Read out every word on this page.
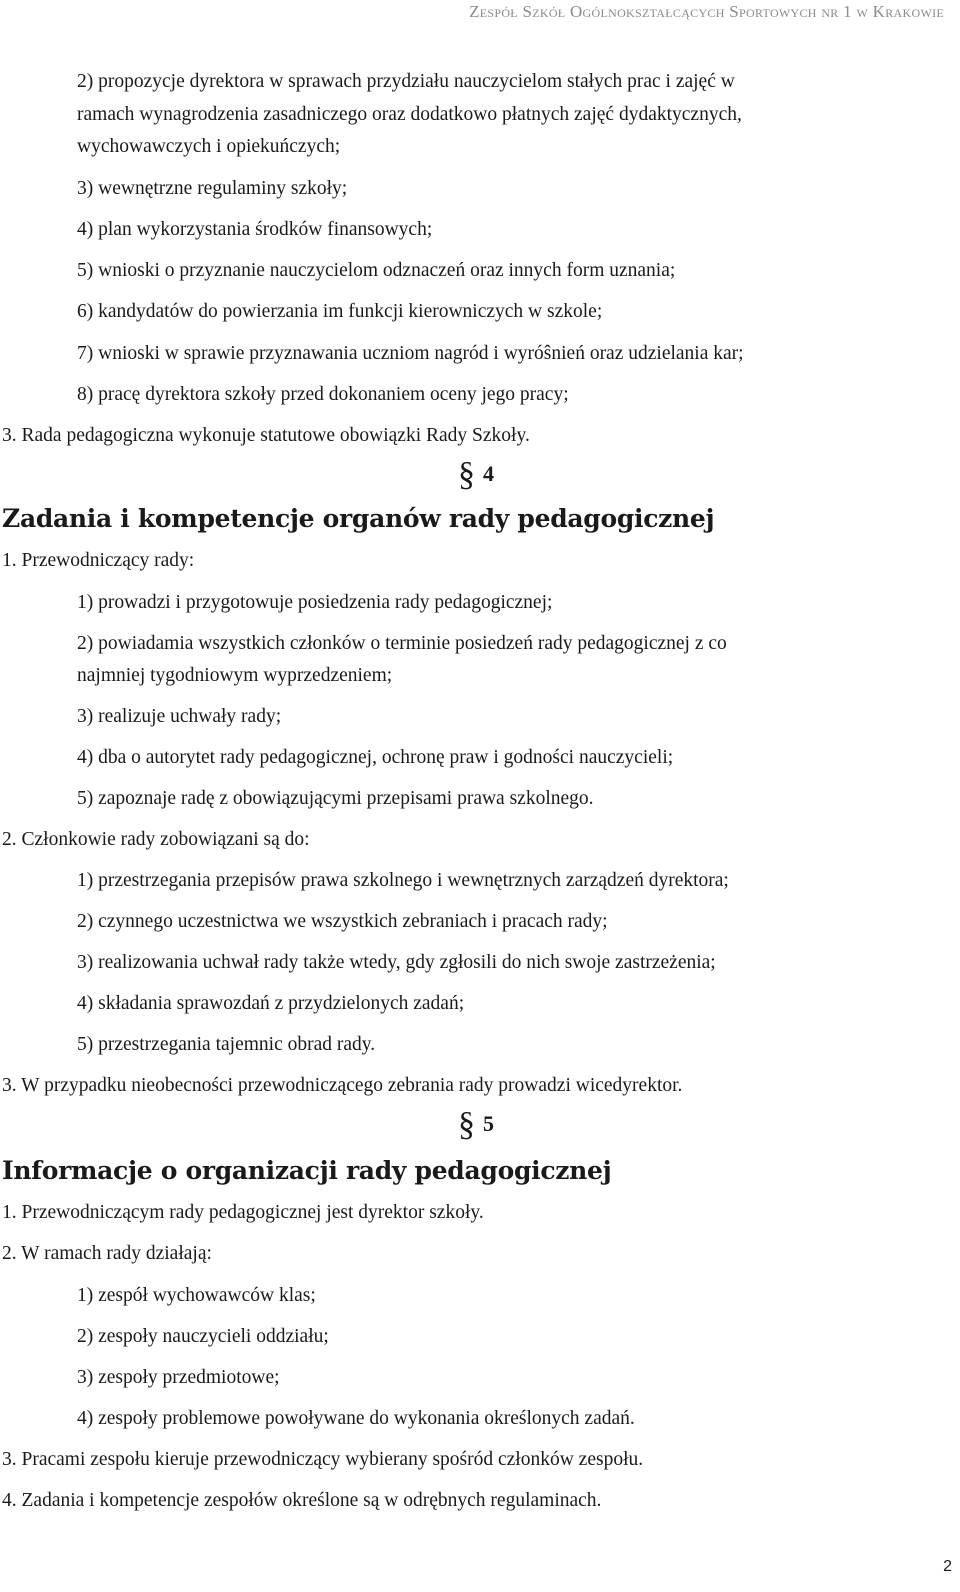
Zespół Szkół Ogólnokształcących Sportowych nr 1 w Krakowie
2) propozycje dyrektora w sprawach przydziału nauczycielom stałych prac i zajęć w
ramach wynagrodzenia zasadniczego oraz dodatkowo płatnych zajęć dydaktycznych,
wychowawczych i opiekuńczych;
3) wewnętrzne regulaminy szkoły;
4) plan wykorzystania środków finansowych;
5) wnioski o przyznanie nauczycielom odznaczeń oraz innych form uznania;
6) kandydatów do powierzania im funkcji kierowniczych w szkole;
7) wnioski w sprawie przyznawania uczniom nagród i wyróŝnień oraz udzielania kar;
8) pracę dyrektora szkoły przed dokonaniem oceny jego pracy;
3. Rada pedagogiczna wykonuje statutowe obowiązki Rady Szkoły.
§ 4
Zadania i kompetencje organów rady pedagogicznej
1. Przewodniczący rady:
1) prowadzi i przygotowuje posiedzenia rady pedagogicznej;
2) powiadamia wszystkich członków o terminie posiedzeń rady pedagogicznej z co
najmniej tygodniowym wyprzedzeniem;
3) realizuje uchwały rady;
4) dba o autorytet rady pedagogicznej, ochronę praw i godności nauczycieli;
5) zapoznaje radę z obowiązującymi przepisami prawa szkolnego.
2. Członkowie rady zobowiązani są do:
1) przestrzegania przepisów prawa szkolnego i wewnętrznych zarządzeń dyrektora;
2) czynnego uczestnictwa we wszystkich zebraniach i pracach rady;
3) realizowania uchwał rady także wtedy, gdy zgłosili do nich swoje zastrzeżenia;
4) składania sprawozdań z przydzielonych zadań;
5) przestrzegania tajemnic obrad rady.
3. W przypadku nieobecności przewodniczącego zebrania rady prowadzi wicedyrektor.
§ 5
Informacje o organizacji rady pedagogicznej
1. Przewodniczącym rady pedagogicznej jest dyrektor szkoły.
2. W ramach rady działają:
1) zespół wychowawców klas;
2) zespoły nauczycieli oddziału;
3) zespoły przedmiotowe;
4) zespoły problemowe powoływane do wykonania określonych zadań.
3. Pracami zespołu kieruje przewodniczący wybierany spośród członków zespołu.
4. Zadania i kompetencje zespołów określone są w odrębnych regulaminach.
2
